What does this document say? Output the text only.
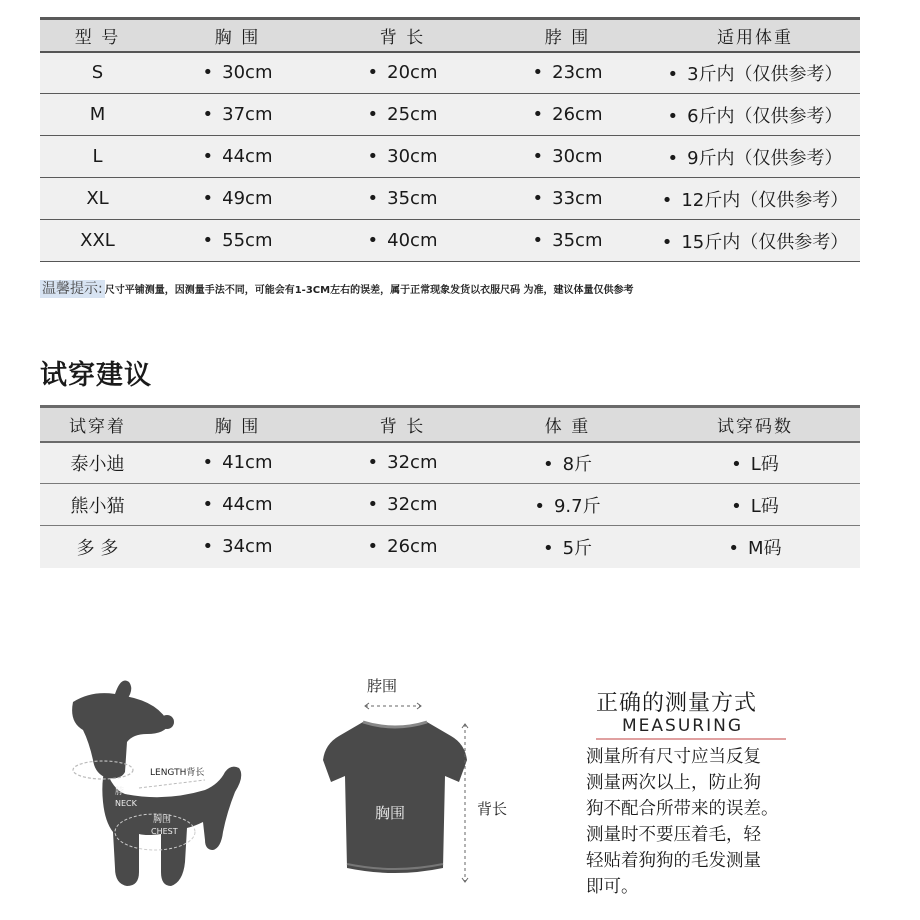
型 号	胸 围	背 长	脖 围	适用体重
S	• 30cm	• 20cm	• 23cm	• 3斤内（仅供参考）
M	• 37cm	• 25cm	• 26cm	• 6斤内（仅供参考）
L	• 44cm	• 30cm	• 30cm	• 9斤内（仅供参考）
XL	• 49cm	• 35cm	• 33cm	• 12斤内（仅供参考）
XXL	• 55cm	• 40cm	• 35cm	• 15斤内（仅供参考）
温馨提示: 尺寸平铺测量，因测量手法不同，可能会有1-3CM左右的误差，属于正常现象发货以衣服尺码 为准，建议体量仅供参考
试穿建议
试穿着	胸 围	背 长	体 重	试穿码数
泰小迪	• 41cm	• 32cm	• 8斤	• L码
熊小猫	• 44cm	• 32cm	• 9.7斤	• L码
多 多	• 34cm	• 26cm	• 5斤	• M码
LENGTH背长
脖
NECK
胸围
CHEST
脖围
胸围	背长
正确的测量方式
MEASURING
测量所有尺寸应当反复
测量两次以上，防止狗
狗不配合所带来的误差。
测量时不要压着毛，轻
轻贴着狗狗的毛发测量
即可。
